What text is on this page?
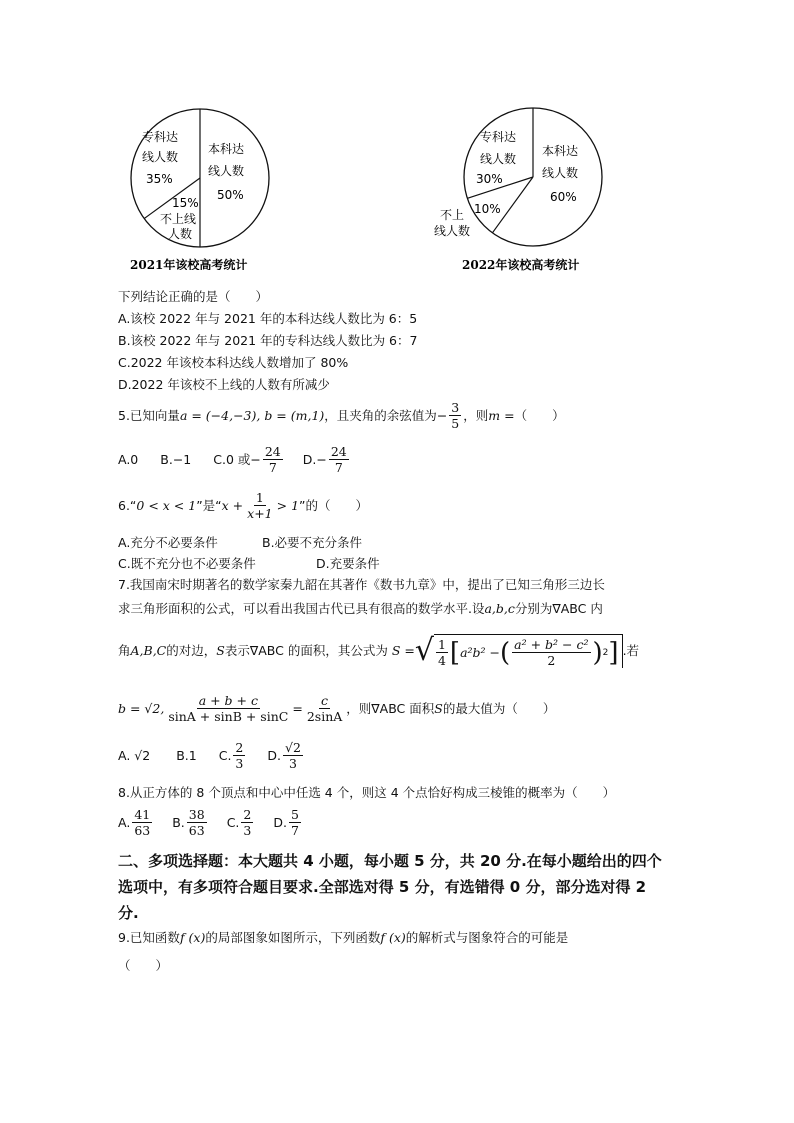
本科达
线人数
50%
专科达
线人数
35%
15%
不上线
人数
2021年该校高考统计
本科达
线人数
60%
专科达
线人数
30%
10%
不上
线人数
2022年该校高考统计
下列结论正确的是（　　）
A.该校 2022 年与 2021 年的本科达线人数比为 6：5
B.该校 2022 年与 2021 年的专科达线人数比为 6：7
C.2022 年该校本科达线人数增加了 80%
D.2022 年该校不上线的人数有所减少
5.已知向量 a = (−4,−3), b = (m,1) ，且夹角的余弦值为 − $\frac{3}{5}$ ，则 m = （　　）
A.0 B.−1 C.0 或− $\frac{24}{7} D.- \frac{24}{7}$
6.“ 0 < x < 1 ”是“ $x + \frac{1}{x+1} > 1$ ”的（　　）
A.充分不必要条件	B.必要不充分条件
C.既不充分也不必要条件	D.充要条件
7.我国南宋时期著名的数学家秦九韶在其著作《数书九章》中，提出了已知三角形三边长
求三角形面积的公式，可以看出我国古代已具有很高的数学水平.设a,b,c分别为∇ABC 内
角 A,B,C 的对边， S 表示∇ABC 的面积，其公式为 S = √ $\frac{1}{4}$ [ a²b² − ( $\frac{\text{a² + b² − c²}}{2}$ ) 2 ] .若
b = √2, $\frac{a + b + c}{\sin A + \sin B + \sin C} = \frac{c}{2\sin A}$ ，则∇ABC 面积 S 的最大值为（　　）
A. √2 B.1 C. $\frac{2}{3} D$. $\frac{√2}{3}$
8.从正方体的 8 个顶点和中心中任选 4 个，则这 4 个点恰好构成三棱锥的概率为（　　）
A. $\frac{41}{63} B$. $\frac{38}{63} C$. $\frac{2}{3} D$. $\frac{5}{7}$
二、多项选择题：本大题共 4 小题，每小题 5 分，共 20 分.在每小题给出的四个
选项中，有多项符合题目要求.全部选对得 5 分，有选错得 0 分，部分选对得 2
分.
9.已知函数f (x)的局部图象如图所示，下列函数f (x)的解析式与图象符合的可能是
（　　）
